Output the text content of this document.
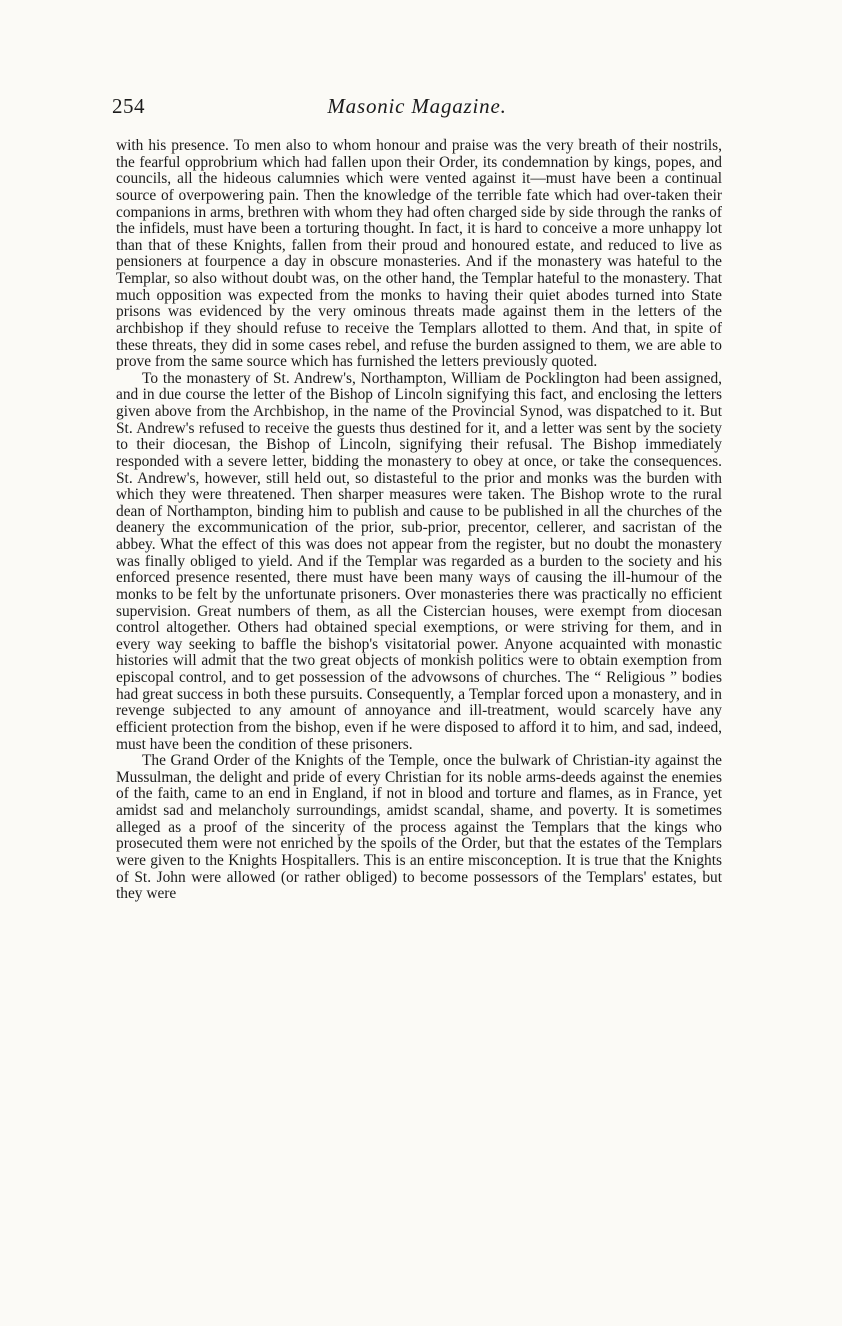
254	Masonic Magazine.

with his presence. To men also to whom honour and praise was the very breath of their nostrils, the fearful opprobrium which had fallen upon their Order, its condemnation by kings, popes, and councils, all the hideous calumnies which were vented against it—must have been a continual source of overpowering pain. Then the knowledge of the terrible fate which had over-taken their companions in arms, brethren with whom they had often charged side by side through the ranks of the infidels, must have been a torturing thought. In fact, it is hard to conceive a more unhappy lot than that of these Knights, fallen from their proud and honoured estate, and reduced to live as pensioners at fourpence a day in obscure monasteries. And if the monastery was hateful to the Templar, so also without doubt was, on the other hand, the Templar hateful to the monastery. That much opposition was expected from the monks to having their quiet abodes turned into State prisons was evidenced by the very ominous threats made against them in the letters of the archbishop if they should refuse to receive the Templars allotted to them. And that, in spite of these threats, they did in some cases rebel, and refuse the burden assigned to them, we are able to prove from the same source which has furnished the letters previously quoted.

To the monastery of St. Andrew's, Northampton, William de Pocklington had been assigned, and in due course the letter of the Bishop of Lincoln signifying this fact, and enclosing the letters given above from the Archbishop, in the name of the Provincial Synod, was dispatched to it. But St. Andrew's refused to receive the guests thus destined for it, and a letter was sent by the society to their diocesan, the Bishop of Lincoln, signifying their refusal. The Bishop immediately responded with a severe letter, bidding the monastery to obey at once, or take the consequences. St. Andrew's, however, still held out, so distasteful to the prior and monks was the burden with which they were threatened. Then sharper measures were taken. The Bishop wrote to the rural dean of Northampton, binding him to publish and cause to be published in all the churches of the deanery the excommunication of the prior, sub-prior, precentor, cellerer, and sacristan of the abbey. What the effect of this was does not appear from the register, but no doubt the monastery was finally obliged to yield. And if the Templar was regarded as a burden to the society and his enforced presence resented, there must have been many ways of causing the ill-humour of the monks to be felt by the unfortunate prisoners. Over monasteries there was practically no efficient supervision. Great numbers of them, as all the Cistercian houses, were exempt from diocesan control altogether. Others had obtained special exemptions, or were striving for them, and in every way seeking to baffle the bishop's visitatorial power. Anyone acquainted with monastic histories will admit that the two great objects of monkish politics were to obtain exemption from episcopal control, and to get possession of the advowsons of churches. The “ Religious ” bodies had great success in both these pursuits. Consequently, a Templar forced upon a monastery, and in revenge subjected to any amount of annoyance and ill-treatment, would scarcely have any efficient protection from the bishop, even if he were disposed to afford it to him, and sad, indeed, must have been the condition of these prisoners.

The Grand Order of the Knights of the Temple, once the bulwark of Christian-ity against the Mussulman, the delight and pride of every Christian for its noble arms-deeds against the enemies of the faith, came to an end in England, if not in blood and torture and flames, as in France, yet amidst sad and melancholy surroundings, amidst scandal, shame, and poverty. It is sometimes alleged as a proof of the sincerity of the process against the Templars that the kings who prosecuted them were not enriched by the spoils of the Order, but that the estates of the Templars were given to the Knights Hospitallers. This is an entire misconception. It is true that the Knights of St. John were allowed (or rather obliged) to become possessors of the Templars' estates, but they were
